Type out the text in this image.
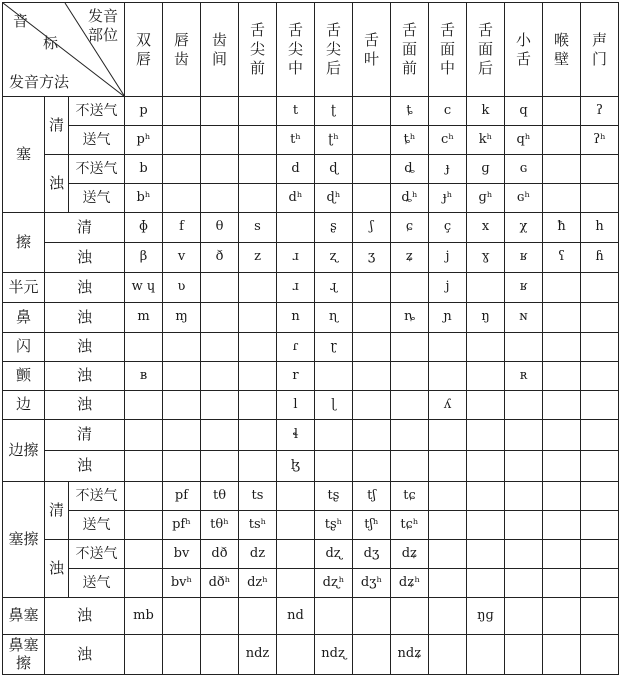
音
标
发音部位
发音方法			双唇	唇齿	齿间	舌尖前	舌尖中	舌尖后	舌叶	舌面前	舌面中	舌面后	小舌	喉壁	声门
塞	清	不送气	p				t	ʈ		ȶ	c	k	q		ʔ
		送气	pʰ				tʰ	ʈʰ		ȶʰ	cʰ	kʰ	qʰ		ʔʰ
	浊	不送气	b				d	ɖ		ȡ	ɟ	ɡ	ɢ		
		送气	bʰ				dʰ	ɖʰ		ȡʰ	ɟʰ	ɡʰ	ɢʰ		
擦	清		ɸ	f	θ	s		ʂ	ʃ	ɕ	ç	x	χ	ħ	h
	浊		β	v	ð	z	ɹ	ʐ	ʒ	ʑ	j	ɣ	ʁ	ʕ	ɦ
半元	浊		w ɥ	ʋ			ɹ	ɻ			j		ʁ		
鼻	浊		m	ɱ			n	ɳ		ȵ	ɲ	ŋ	ɴ		
闪	浊						ɾ	ɽ							
颤	浊		ʙ				r						ʀ		
边	浊						l	ɭ			ʎ				
边擦	清						ɬ								
	浊						ɮ								
塞擦	清	不送气		pf	tθ	ts		tʂ	tʃ	tɕ					
		送气		pfʰ	tθʰ	tsʰ		tʂʰ	tʃʰ	tɕʰ					
	浊	不送气		bv	dð	dz		dʐ	dʒ	dʑ					
		送气		bvʰ	dðʰ	dzʰ		dʐʰ	dʒʰ	dʑʰ					
鼻塞	浊		mb				nd					ŋɡ			
鼻塞擦	浊					ndz		ndʐ		ndʑ					
